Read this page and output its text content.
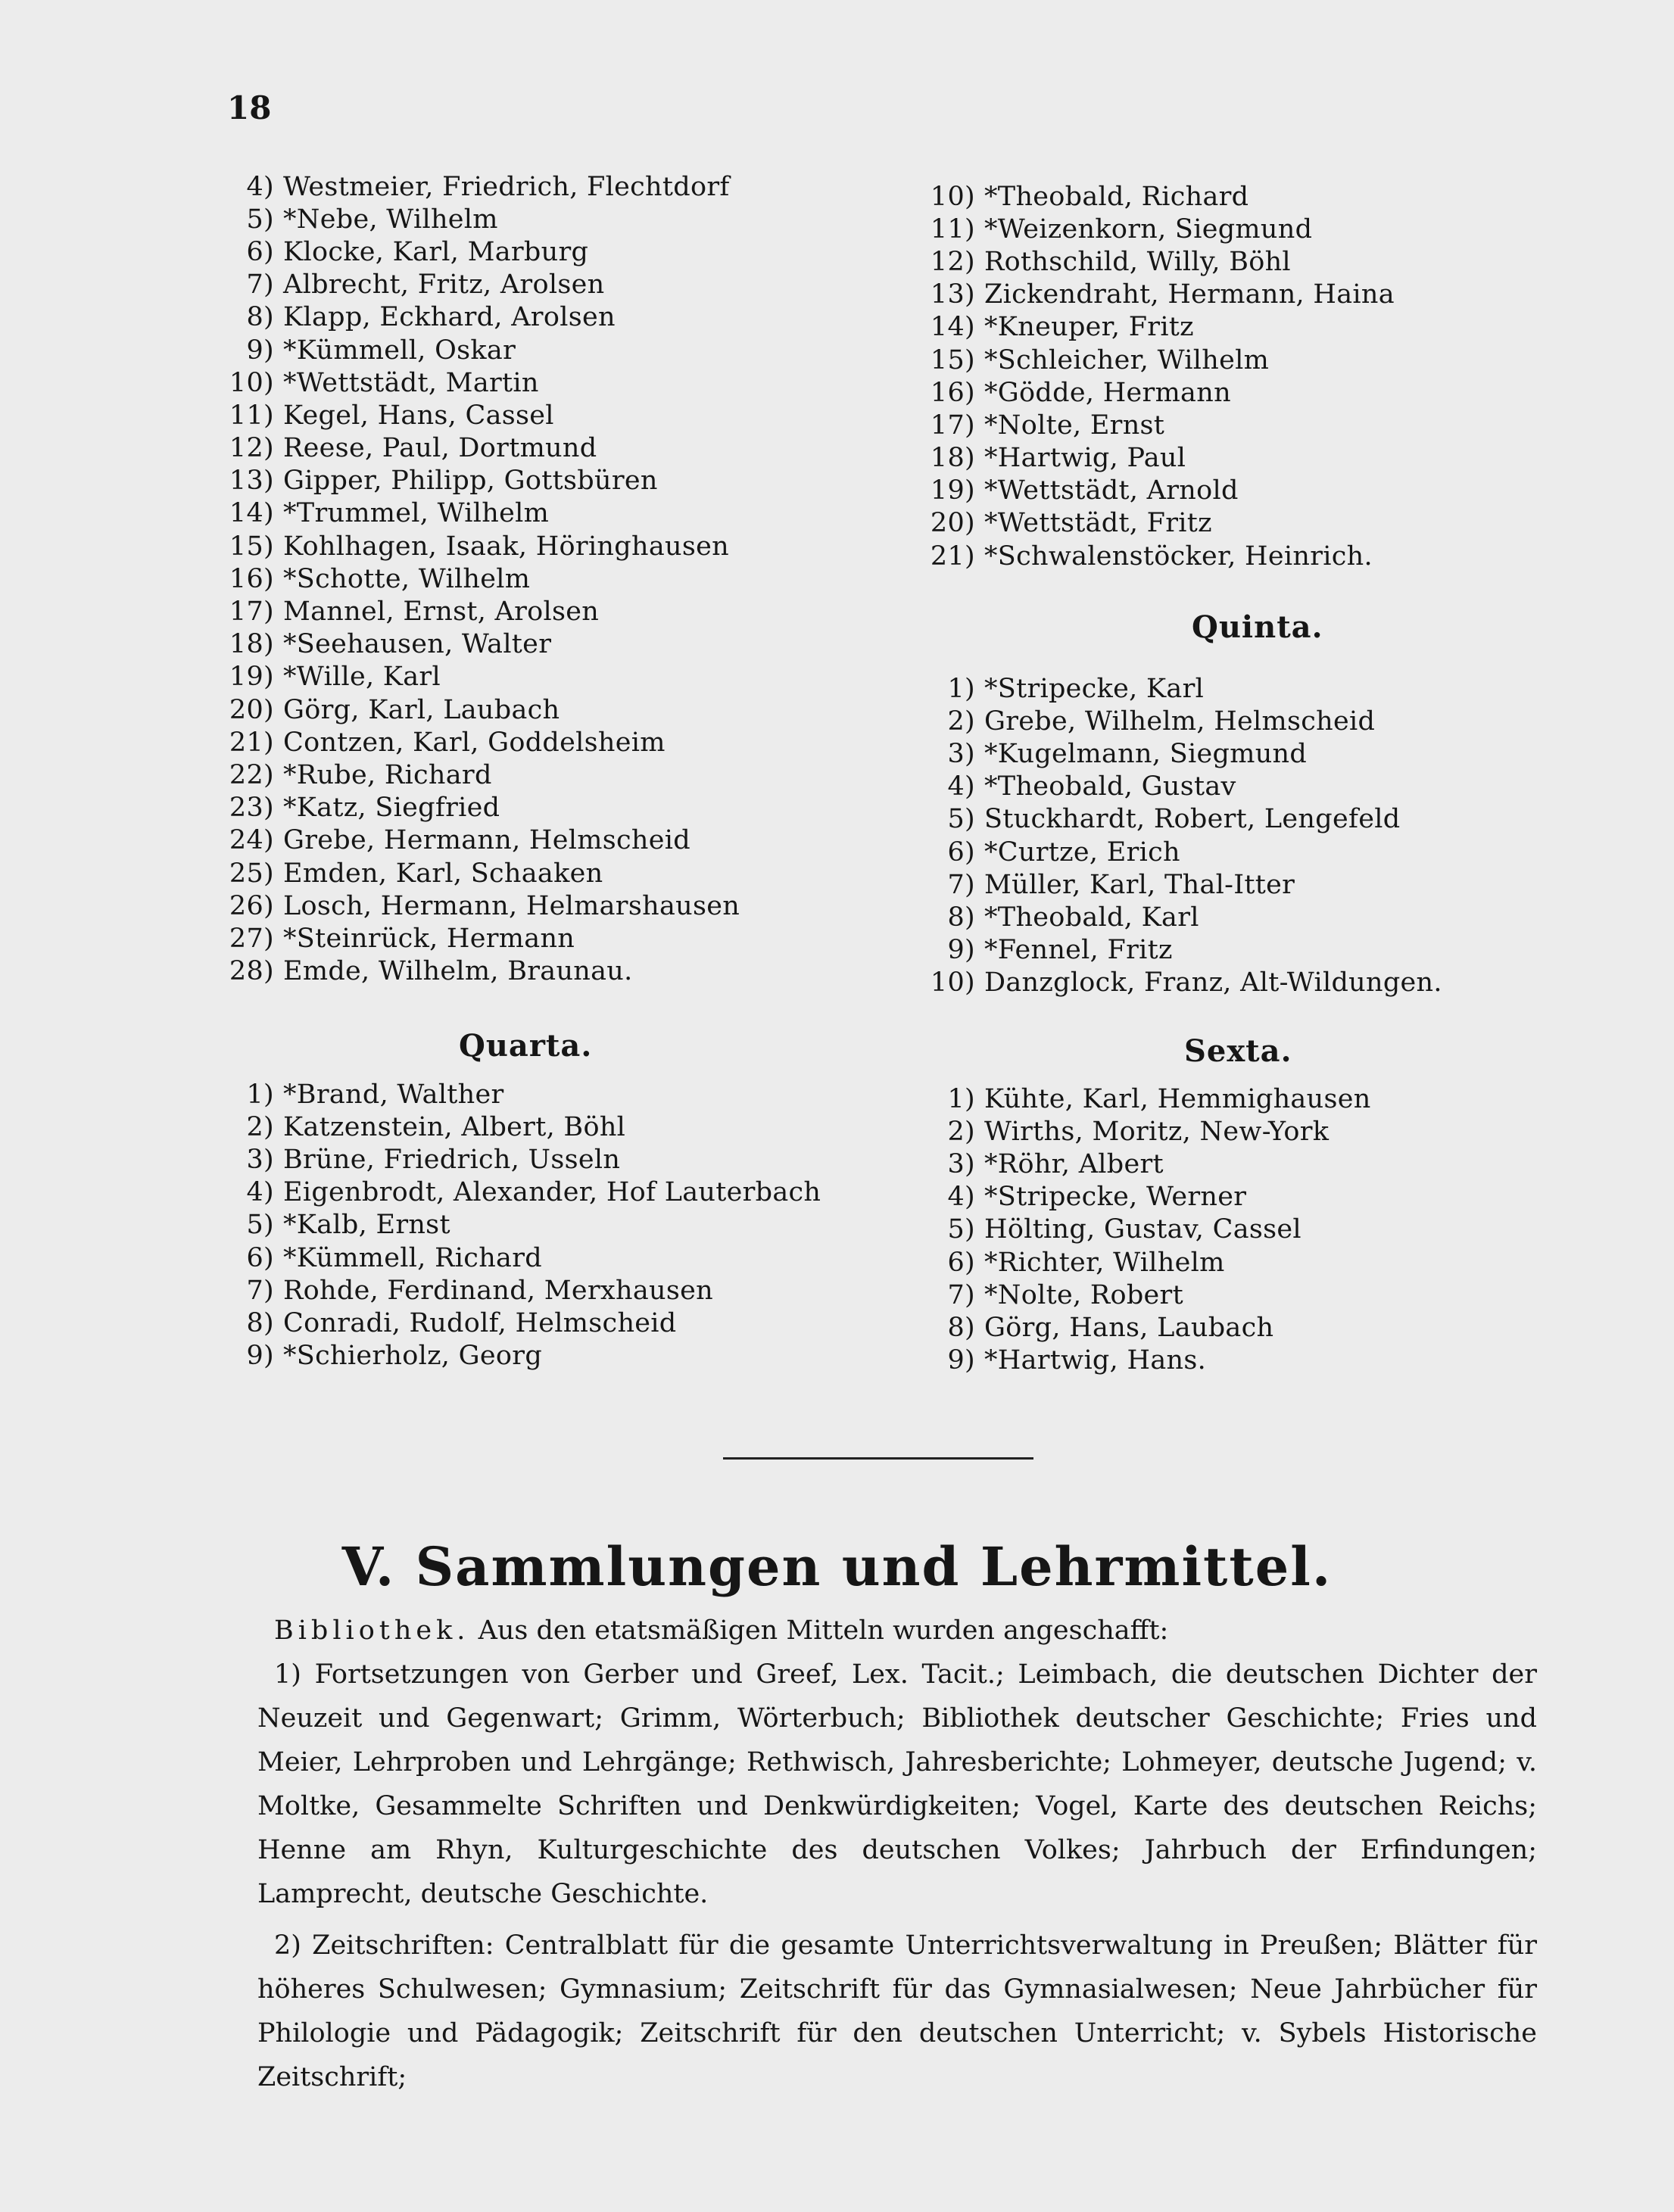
18
4) Westmeier, Friedrich, Flechtdorf
5) *Nebe, Wilhelm
6) Klocke, Karl, Marburg
7) Albrecht, Fritz, Arolsen
8) Klapp, Eckhard, Arolsen
9) *Kümmell, Oskar
10) *Wettstädt, Martin
11) Kegel, Hans, Cassel
12) Reese, Paul, Dortmund
13) Gipper, Philipp, Gottsbüren
14) *Trummel, Wilhelm
15) Kohlhagen, Isaak, Höringhausen
16) *Schotte, Wilhelm
17) Mannel, Ernst, Arolsen
18) *Seehausen, Walter
19) *Wille, Karl
20) Görg, Karl, Laubach
21) Contzen, Karl, Goddelsheim
22) *Rube, Richard
23) *Katz, Siegfried
24) Grebe, Hermann, Helmscheid
25) Emden, Karl, Schaaken
26) Losch, Hermann, Helmarshausen
27) *Steinrück, Hermann
28) Emde, Wilhelm, Braunau.
10) *Theobald, Richard
11) *Weizenkorn, Siegmund
12) Rothschild, Willy, Böhl
13) Zickendraht, Hermann, Haina
14) *Kneuper, Fritz
15) *Schleicher, Wilhelm
16) *Gödde, Hermann
17) *Nolte, Ernst
18) *Hartwig, Paul
19) *Wettstädt, Arnold
20) *Wettstädt, Fritz
21) *Schwalenstöcker, Heinrich.
Quinta.
1) *Stripecke, Karl
2) Grebe, Wilhelm, Helmscheid
3) *Kugelmann, Siegmund
4) *Theobald, Gustav
5) Stuckhardt, Robert, Lengefeld
6) *Curtze, Erich
7) Müller, Karl, Thal-Itter
8) *Theobald, Karl
9) *Fennel, Fritz
10) Danzglock, Franz, Alt-Wildungen.
Quarta.
1) *Brand, Walther
2) Katzenstein, Albert, Böhl
3) Brüne, Friedrich, Usseln
4) Eigenbrodt, Alexander, Hof Lauterbach
5) *Kalb, Ernst
6) *Kümmell, Richard
7) Rohde, Ferdinand, Merxhausen
8) Conradi, Rudolf, Helmscheid
9) *Schierholz, Georg
Sexta.
1) Kühte, Karl, Hemmighausen
2) Wirths, Moritz, New-York
3) *Röhr, Albert
4) *Stripecke, Werner
5) Hölting, Gustav, Cassel
6) *Richter, Wilhelm
7) *Nolte, Robert
8) Görg, Hans, Laubach
9) *Hartwig, Hans.
V. Sammlungen und Lehrmittel.

Bibliothek. Aus den etatsmäßigen Mitteln wurden angeschafft:

1) Fortsetzungen von Gerber und Greef, Lex. Tacit.; Leimbach, die deutschen Dichter der Neuzeit und Gegenwart; Grimm, Wörterbuch; Bibliothek deutscher Geschichte; Fries und Meier, Lehrproben und Lehrgänge; Rethwisch, Jahresberichte; Lohmeyer, deutsche Jugend; v. Moltke, Gesammelte Schriften und Denkwürdigkeiten; Vogel, Karte des deutschen Reichs; Henne am Rhyn, Kulturgeschichte des deutschen Volkes; Jahrbuch der Erfindungen; Lamprecht, deutsche Geschichte.

2) Zeitschriften: Centralblatt für die gesamte Unterrichtsverwaltung in Preußen; Blätter für höheres Schulwesen; Gymnasium; Zeitschrift für das Gymnasialwesen; Neue Jahrbücher für Philologie und Pädagogik; Zeitschrift für den deutschen Unterricht; v. Sybels Historische Zeitschrift;
